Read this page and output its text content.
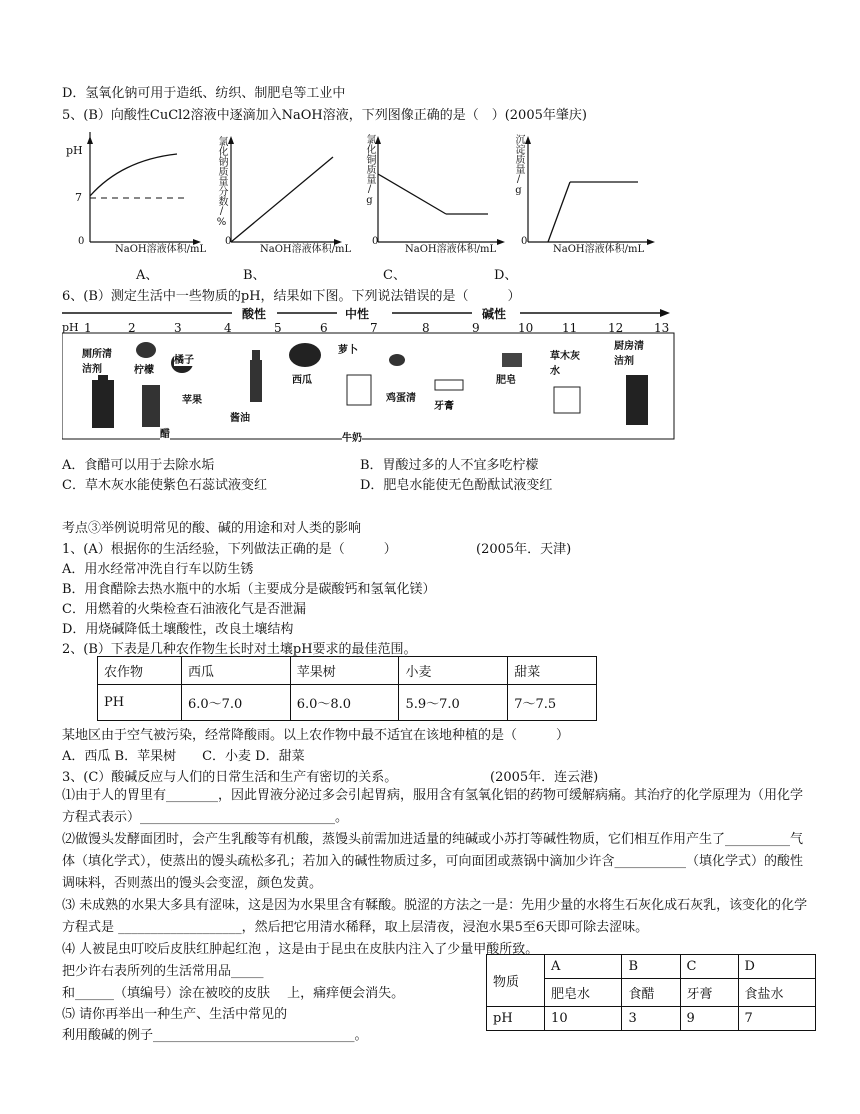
D．氢氧化钠可用于造纸、纺织、制肥皂等工业中
5、(B）向酸性CuCl2溶液中逐滴加入NaOH溶液，下列图像正确的是（　）(2005年肇庆)
pH
7
0
NaOH溶液体积/mL
A、
氯化钠质量分数/%
0
NaOH溶液体积/mL
B、
氯化铜质量/g
0
NaOH溶液体积/mL
C、
沉淀质量/g
0
NaOH溶液体积/mL
D、
6、(B）测定生活中一些物质的pH，结果如下图。下列说法错误的是（　　　）
酸性	中性	碱性
pH 1	2	3	4	5	6	7	8	9	10 11	12	13
厕所清洁剂	柠檬
橘子
苹果
醋
酱油
西瓜
萝卜
牛奶
鸡蛋清
牙膏
肥皂
草木灰水
厨房清洁剂
A．食醋可以用于去除水垢	B．胃酸过多的人不宜多吃柠檬
C．草木灰水能使紫色石蕊试液变红	D．肥皂水能使无色酚酞试液变红
考点③举例说明常见的酸、碱的用途和对人类的影响
1、(A）根据你的生活经验，下列做法正确的是（　　　）	(2005年．天津)
A．用水经常冲洗自行车以防生锈
B．用食醋除去热水瓶中的水垢（主要成分是碳酸钙和氢氧化镁）
C．用燃着的火柴检查石油液化气是否泄漏
D．用烧碱降低土壤酸性，改良土壤结构
2、(B）下表是几种农作物生长时对土壤pH要求的最佳范围。
农作物	西瓜	苹果树	小麦	甜菜
PH	6.0～7.0	6.0～8.0	5.9～7.0	7～7.5
某地区由于空气被污染，经常降酸雨。以上农作物中最不适宜在该地种植的是（　　　）
A．西瓜 B．苹果树　　C．小麦 D．甜菜
3、(C）酸碱反应与人们的日常生活和生产有密切的关系。	(2005年．连云港)
⑴由于人的胃里有________，因此胃液分泌过多会引起胃病，服用含有氢氧化铝的药物可缓解病痛。其治疗的化学原理为（用化学方程式表示）______________________________。
⑵做馒头发酵面团时，会产生乳酸等有机酸，蒸馒头前需加进适量的纯碱或小苏打等碱性物质，它们相互作用产生了__________气体（填化学式），使蒸出的馒头疏松多孔；若加入的碱性物质过多，可向面团或蒸锅中滴加少许含___________（填化学式）的酸性调味料，否则蒸出的馒头会变涩，颜色发黄。
⑶ 未成熟的水果大多具有涩味，这是因为水果里含有鞣酸。脱涩的方法之一是：先用少量的水将生石灰化成石灰乳，该变化的化学方程式是 ___________________，然后把它用清水稀释，取上层清夜，浸泡水果5至6天即可除去涩味。
⑷ 人被昆虫叮咬后皮肤红肿起红泡 ，这是由于昆虫在皮肤内注入了少量甲酸所致。
把少许右表所列的生活常用品_____
和______（填编号）涂在被咬的皮肤　 上，痛痒便会消失。
⑸ 请你再举出一种生产、生活中常见的
利用酸碱的例子_______________________________。
物质	A	B	C	D
	肥皂水	食醋	牙膏	食盐水
pH	10	3	9	7
